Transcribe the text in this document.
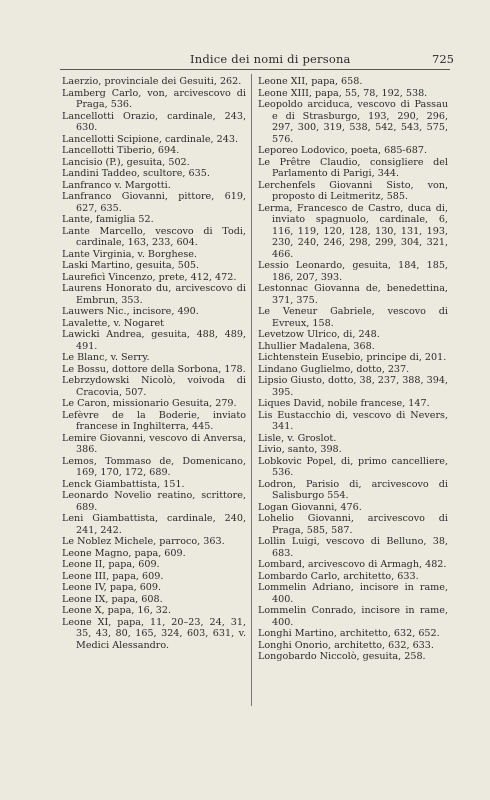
Indice dei nomi di persona	725

Laerzio, provinciale dei Gesuiti, 262.

Lamberg Carlo, von, arcivescovo di Praga, 536.

Lancellotti Orazio, cardinale, 243, 630.

Lancellotti Scipione, cardinale, 243.

Lancellotti Tiberio, 694.

Lancisio (P.), gesuita, 502.

Landini Taddeo, scultore, 635.

Lanfranco v. Margotti.

Lanfranco Giovanni, pittore, 619, 627, 635.

Lante, famiglia 52.

Lante Marcello, vescovo di Todi, cardinale, 163, 233, 604.

Lante Virginia, v. Borghese.

Laski Martino, gesuita, 505.

Laureficì Vincenzo, prete, 412, 472.

Laurens Honorato du, arcivescovo di Embrun, 353.

Lauwers Nic., incisore, 490.

Lavalette, v. Nogaret

Lawicki Andrea, gesuita, 488, 489, 491.

Le Blanc, v. Serry.

Le Bossu, dottore della Sorbona, 178.

Lebrzydowski Nicolò, voivoda di Cracovia, 507.

Le Caron, missionario Gesuita, 279.

Lefèvre de la Boderie, inviato francese in Inghilterra, 445.

Lemire Giovanni, vescovo di Anversa, 386.

Lemos, Tommaso de, Domenicano, 169, 170, 172, 689.

Lenck Giambattista, 151.

Leonardo Novelio reatino, scrittore, 689.

Leni Giambattista, cardinale, 240, 241, 242.

Le Noblez Michele, parroco, 363.

Leone Magno, papa, 609.

Leone II, papa, 609.

Leone III, papa, 609.

Leone IV, papa, 609.

Leone IX, papa, 608.

Leone X, papa, 16, 32.

Leone XI, papa, 11, 20–23, 24, 31, 35, 43, 80, 165, 324, 603, 631, v. Medici Alessandro.

Leone XII, papa, 658.

Leone XIII, papa, 55, 78, 192, 538.

Leopoldo arciduca, vescovo di Passau e di Strasburgo, 193, 290, 296, 297, 300, 319, 538, 542, 543, 575, 576.

Leporeo Lodovico, poeta, 685-687.

Le Prêtre Claudio, consigliere del Parlamento di Parigi, 344.

Lerchenfels Giovanni Sisto, von, proposto di Leitmeritz, 585.

Lerma, Francesco de Castro, duca di, inviato spagnuolo, cardinale, 6, 116, 119, 120, 128, 130, 131, 193, 230, 240, 246, 298, 299, 304, 321, 466.

Lessio Leonardo, gesuita, 184, 185, 186, 207, 393.

Lestonnac Giovanna de, benedettina, 371, 375.

Le Veneur Gabriele, vescovo di Evreux, 158.

Levetzow Ulrico, di, 248.

Lhullier Madalena, 368.

Lichtenstein Eusebio, principe di, 201.

Lindano Guglielmo, dotto, 237.

Lipsio Giusto, dotto, 38, 237, 388, 394, 395.

Liques David, nobile francese, 147.

Lis Eustacchio di, vescovo di Nevers, 341.

Lisle, v. Groslot.

Livio, santo, 398.

Lobkovic Popel, di, primo cancelliere, 536.

Lodron, Parisio di, arcivescovo di Salisburgo 554.

Logan Giovanni, 476.

Lohelio Giovanni, arcivescovo di Praga, 585, 587.

Lollin Luigi, vescovo di Belluno, 38, 683.

Lombard, arcivescovo di Armagh, 482.

Lombardo Carlo, architetto, 633.

Lommelin Adriano, incisore in rame, 400.

Lommelin Conrado, incisore in rame, 400.

Longhi Martino, architetto, 632, 652.

Longhi Onorio, architetto, 632, 633.

Longobardo Niccolò, gesuita, 258.
